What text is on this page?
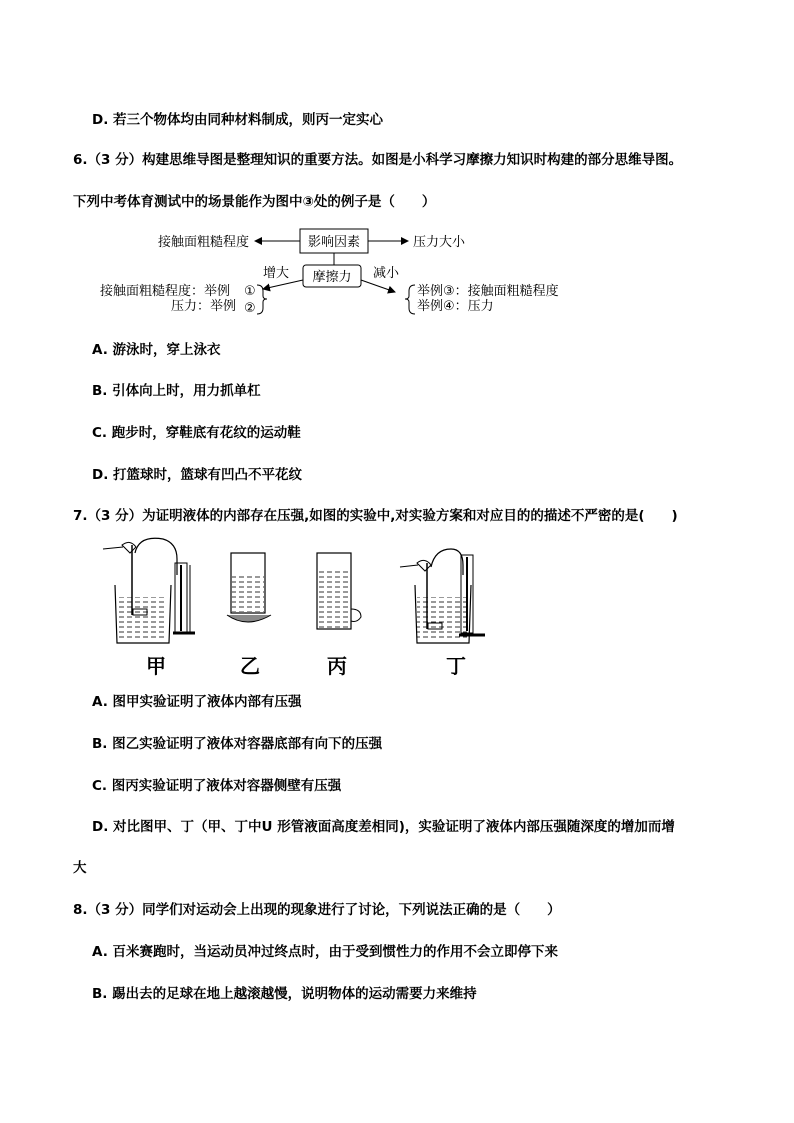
D. 若三个物体均由同种材料制成，则丙一定实心
6.（3 分）构建思维导图是整理知识的重要方法。如图是小科学习摩擦力知识时构建的部分思维导图。
下列中考体育测试中的场景能作为图中③处的例子是（　　）
影响因素
接触面粗糙程度	压力大小
摩擦力
增大	减小
接触面粗糙程度：举例 ①
压力：举例 ②
举例③：接触面粗糙程度
举例④：压力
A. 游泳时，穿上泳衣
B. 引体向上时，用力抓单杠
C. 跑步时，穿鞋底有花纹的运动鞋
D. 打篮球时，篮球有凹凸不平花纹
7.（3 分）为证明液体的内部存在压强,如图的实验中,对实验方案和对应目的的描述不严密的是(　　)
甲	乙	丙	丁
A. 图甲实验证明了液体内部有压强
B. 图乙实验证明了液体对容器底部有向下的压强
C. 图丙实验证明了液体对容器侧壁有压强
D. 对比图甲、丁（甲、丁中U 形管液面高度差相同)，实验证明了液体内部压强随深度的增加而增
大
8.（3 分）同学们对运动会上出现的现象进行了讨论，下列说法正确的是（　　）
A. 百米赛跑时，当运动员冲过终点时，由于受到惯性力的作用不会立即停下来
B. 踢出去的足球在地上越滚越慢，说明物体的运动需要力来维持
